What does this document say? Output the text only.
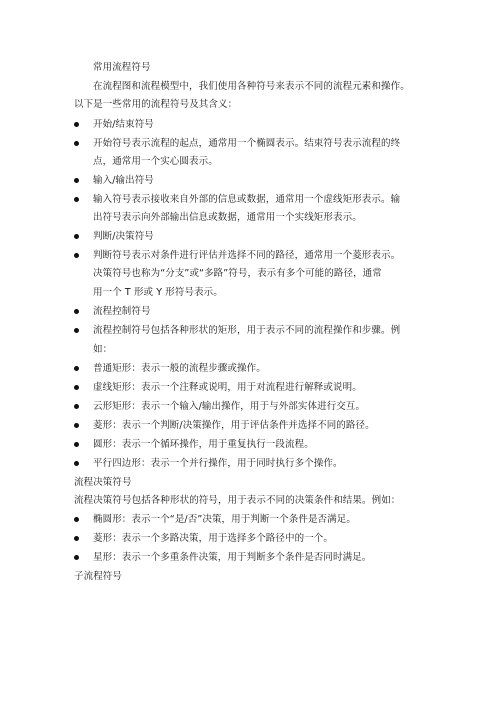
常用流程符号
在流程图和流程模型中，我们使用各种符号来表示不同的流程元素和操作。
以下是一些常用的流程符号及其含义：
开始/结束符号
开始符号表示流程的起点，通常用一个椭圆表示。结束符号表示流程的终
点，通常用一个实心圆表示。
输入/输出符号
输入符号表示接收来自外部的信息或数据，通常用一个虚线矩形表示。输
出符号表示向外部输出信息或数据，通常用一个实线矩形表示。
判断/决策符号
判断符号表示对条件进行评估并选择不同的路径，通常用一个菱形表示。
决策符号也称为“分支”或“多路”符号，表示有多个可能的路径，通常
用一个 T 形或 Y 形符号表示。
流程控制符号
流程控制符号包括各种形状的矩形，用于表示不同的流程操作和步骤。例
如：
普通矩形：表示一般的流程步骤或操作。
虚线矩形：表示一个注释或说明，用于对流程进行解释或说明。
云形矩形：表示一个输入/输出操作，用于与外部实体进行交互。
菱形：表示一个判断/决策操作，用于评估条件并选择不同的路径。
圆形：表示一个循环操作，用于重复执行一段流程。
平行四边形：表示一个并行操作，用于同时执行多个操作。
流程决策符号
流程决策符号包括各种形状的符号，用于表示不同的决策条件和结果。例如：
椭圆形：表示一个“是/否”决策，用于判断一个条件是否满足。
菱形：表示一个多路决策，用于选择多个路径中的一个。
星形：表示一个多重条件决策，用于判断多个条件是否同时满足。
子流程符号
